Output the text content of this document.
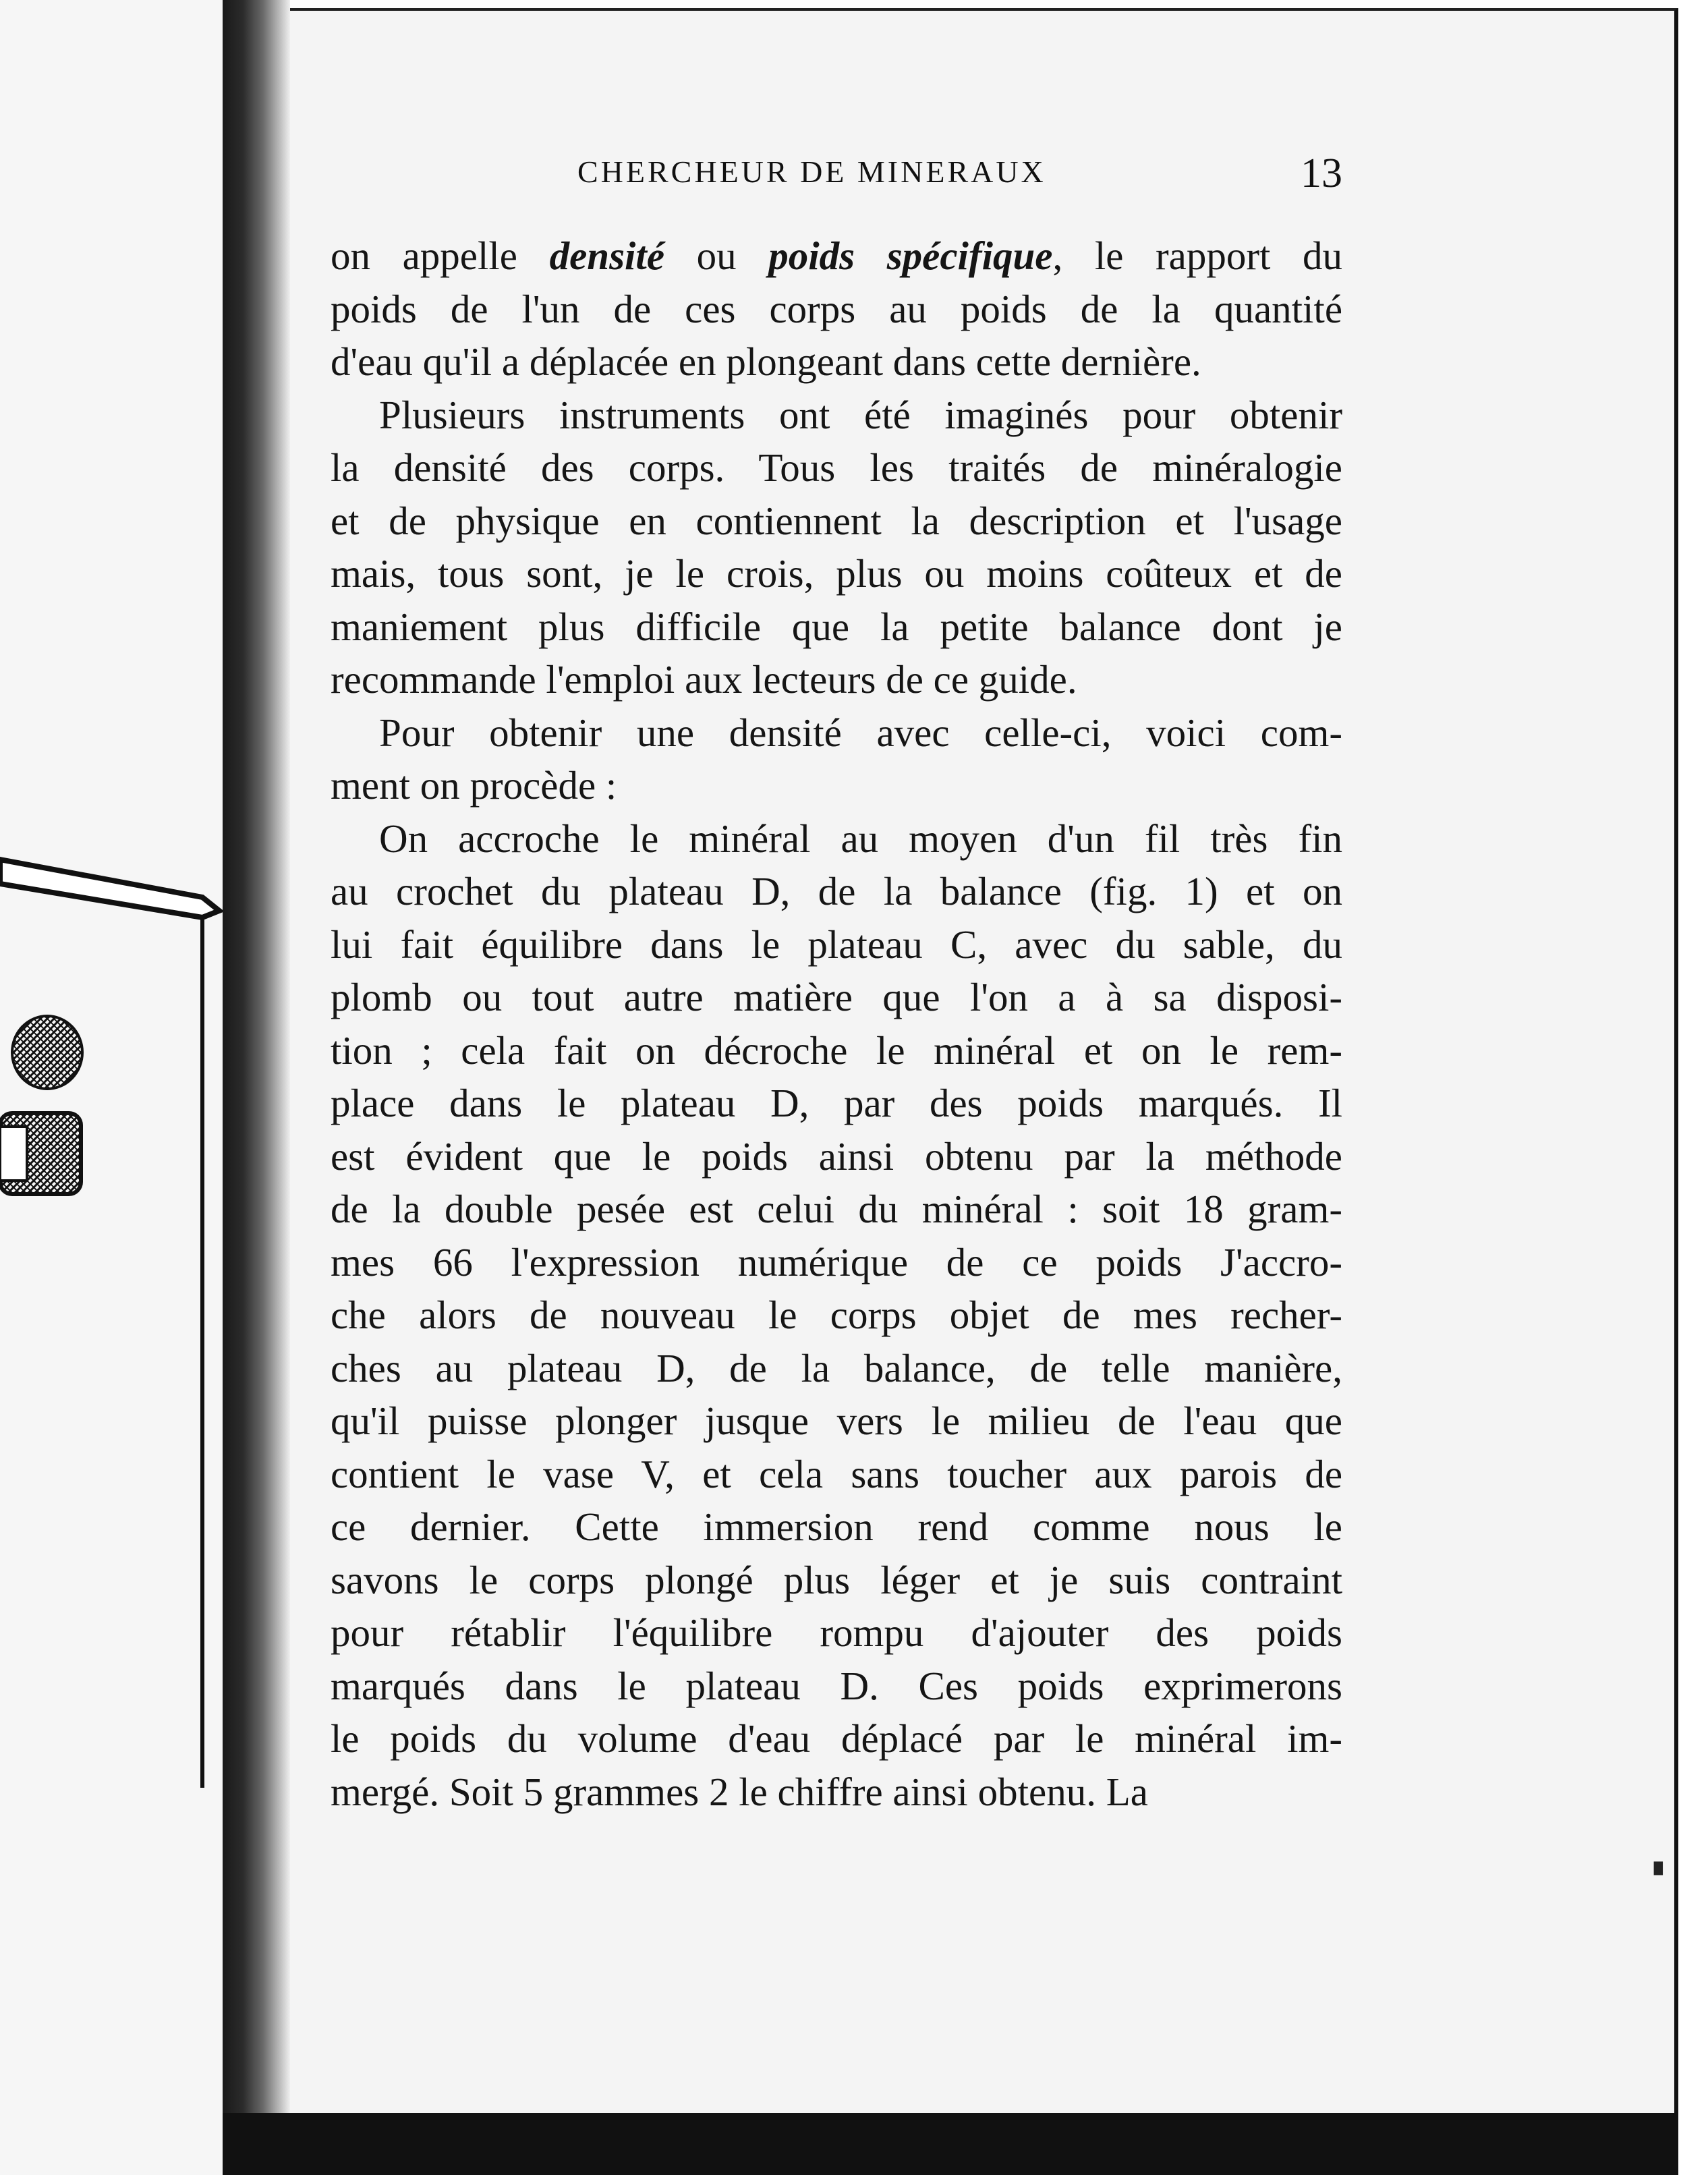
CHERCHEUR DE MINERAUX	13
on appelle densité ou poids spécifique, le rapport du
poids de l'un de ces corps au poids de la quantité
d'eau qu'il a déplacée en plongeant dans cette dernière.
Plusieurs instruments ont été imaginés pour obtenir
la densité des corps. Tous les traités de minéralogie
et de physique en contiennent la description et l'usage
mais, tous sont, je le crois, plus ou moins coûteux et de
maniement plus difficile que la petite balance dont je
recommande l'emploi aux lecteurs de ce guide.
Pour obtenir une densité avec celle-ci, voici com-
ment on procède :
On accroche le minéral au moyen d'un fil très fin
au crochet du plateau D, de la balance (fig. 1) et on
lui fait équilibre dans le plateau C, avec du sable, du
plomb ou tout autre matière que l'on a à sa disposi-
tion ; cela fait on décroche le minéral et on le rem-
place dans le plateau D, par des poids marqués. Il
est évident que le poids ainsi obtenu par la méthode
de la double pesée est celui du minéral : soit 18 gram-
mes 66 l'expression numérique de ce poids J'accro-
che alors de nouveau le corps objet de mes recher-
ches au plateau D, de la balance, de telle manière,
qu'il puisse plonger jusque vers le milieu de l'eau que
contient le vase V, et cela sans toucher aux parois de
ce dernier. Cette immersion rend comme nous le
savons le corps plongé plus léger et je suis contraint
pour rétablir l'équilibre rompu d'ajouter des poids
marqués dans le plateau D. Ces poids exprimerons
le poids du volume d'eau déplacé par le minéral im-
mergé. Soit 5 grammes 2 le chiffre ainsi obtenu. La
▖
